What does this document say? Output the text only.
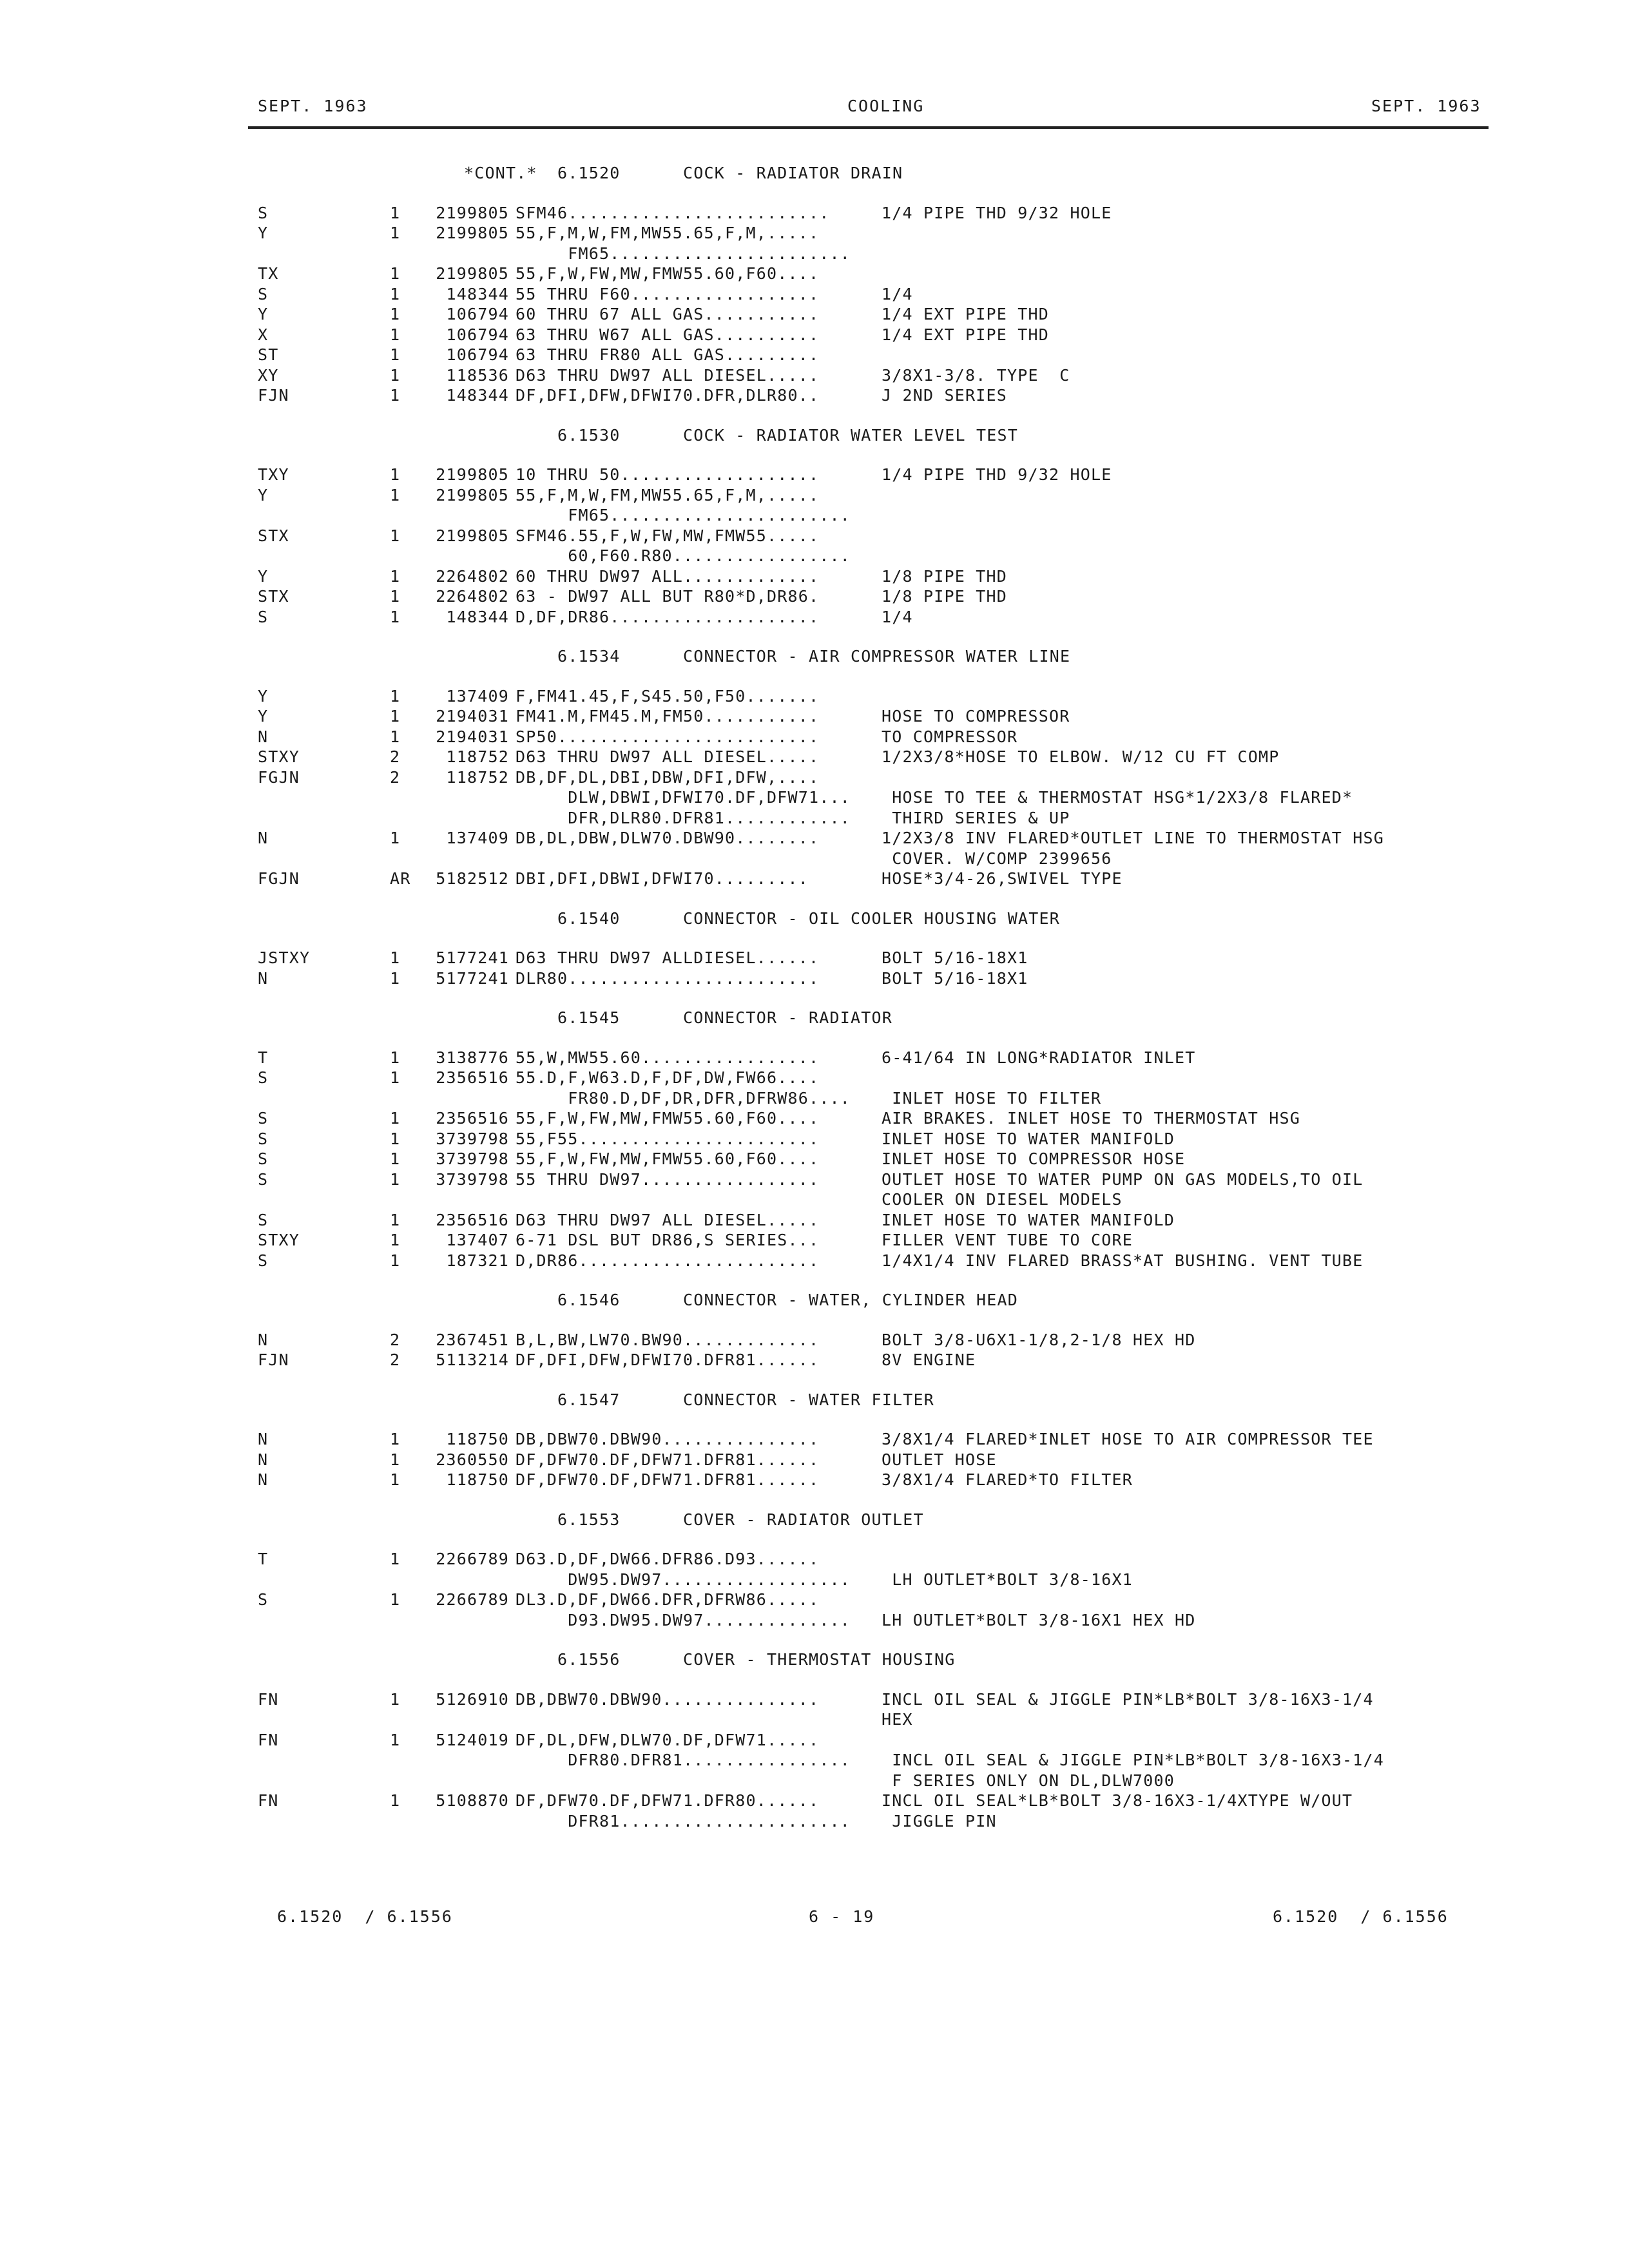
SEPT. 1963	COOLING	SEPT. 1963
*CONT.* 6.1520	COCK - RADIATOR DRAIN
S	1 2199805 SFM46.........................	1/4 PIPE THD 9/32 HOLE
Y	1 2199805 55,F,M,W,FM,MW55.65,F,M,.....
FM65.......................
TX	1 2199805 55,F,W,FW,MW,FMW55.60,F60....
S	1	148344 55 THRU F60..................	1/4
Y	1	106794 60 THRU 67 ALL GAS...........	1/4 EXT PIPE THD
X	1	106794 63 THRU W67 ALL GAS..........	1/4 EXT PIPE THD
ST	1	106794 63 THRU FR80 ALL GAS.........
XY	1	118536 D63 THRU DW97 ALL DIESEL.....	3/8X1-3/8. TYPE  C
FJN	1	148344 DF,DFI,DFW,DFWI70.DFR,DLR80..	J 2ND SERIES
6.1530	COCK - RADIATOR WATER LEVEL TEST
TXY	1 2199805 10 THRU 50...................	1/4 PIPE THD 9/32 HOLE
Y	1 2199805 55,F,M,W,FM,MW55.65,F,M,.....
FM65.......................
STX	1 2199805 SFM46.55,F,W,FW,MW,FMW55.....
60,F60.R80.................
Y	1 2264802 60 THRU DW97 ALL.............	1/8 PIPE THD
STX	1 2264802 63 - DW97 ALL BUT R80*D,DR86.	1/8 PIPE THD
S	1	148344 D,DF,DR86....................	1/4
6.1534	CONNECTOR - AIR COMPRESSOR WATER LINE
Y	1	137409 F,FM41.45,F,S45.50,F50.......
Y	1 2194031 FM41.M,FM45.M,FM50...........	HOSE TO COMPRESSOR
N	1 2194031 SP50.........................	TO COMPRESSOR
STXY	2	118752 D63 THRU DW97 ALL DIESEL.....	1/2X3/8*HOSE TO ELBOW. W/12 CU FT COMP
FGJN	2	118752 DB,DF,DL,DBI,DBW,DFI,DFW,....
DLW,DBWI,DFWI70.DF,DFW71... HOSE TO TEE & THERMOSTAT HSG*1/2X3/8 FLARED*
DFR,DLR80.DFR81............ THIRD SERIES & UP
N	1	137409 DB,DL,DBW,DLW70.DBW90........	1/2X3/8 INV FLARED*OUTLET LINE TO THERMOSTAT HSG
COVER. W/COMP 2399656
FGJN	AR 5182512 DBI,DFI,DBWI,DFWI70.........	HOSE*3/4-26,SWIVEL TYPE
6.1540	CONNECTOR - OIL COOLER HOUSING WATER
JSTXY	1 5177241 D63 THRU DW97 ALLDIESEL......	BOLT 5/16-18X1
N	1 5177241 DLR80........................	BOLT 5/16-18X1
6.1545	CONNECTOR - RADIATOR
T	1 3138776 55,W,MW55.60.................	6-41/64 IN LONG*RADIATOR INLET
S	1 2356516 55.D,F,W63.D,F,DF,DW,FW66....
FR80.D,DF,DR,DFR,DFRW86.... INLET HOSE TO FILTER
S	1 2356516 55,F,W,FW,MW,FMW55.60,F60....	AIR BRAKES. INLET HOSE TO THERMOSTAT HSG
S	1 3739798 55,F55.......................	INLET HOSE TO WATER MANIFOLD
S	1 3739798 55,F,W,FW,MW,FMW55.60,F60....	INLET HOSE TO COMPRESSOR HOSE
S	1 3739798 55 THRU DW97.................	OUTLET HOSE TO WATER PUMP ON GAS MODELS,TO OIL
COOLER ON DIESEL MODELS
S	1 2356516 D63 THRU DW97 ALL DIESEL.....	INLET HOSE TO WATER MANIFOLD
STXY	1	137407 6-71 DSL BUT DR86,S SERIES...	FILLER VENT TUBE TO CORE
S	1	187321 D,DR86.......................	1/4X1/4 INV FLARED BRASS*AT BUSHING. VENT TUBE
6.1546	CONNECTOR - WATER, CYLINDER HEAD
N	2 2367451 B,L,BW,LW70.BW90.............	BOLT 3/8-U6X1-1/8,2-1/8 HEX HD
FJN	2 5113214 DF,DFI,DFW,DFWI70.DFR81......	8V ENGINE
6.1547	CONNECTOR - WATER FILTER
N	1	118750 DB,DBW70.DBW90...............	3/8X1/4 FLARED*INLET HOSE TO AIR COMPRESSOR TEE
N	1 2360550 DF,DFW70.DF,DFW71.DFR81......	OUTLET HOSE
N	1	118750 DF,DFW70.DF,DFW71.DFR81......	3/8X1/4 FLARED*TO FILTER
6.1553	COVER - RADIATOR OUTLET
T	1 2266789 D63.D,DF,DW66.DFR86.D93......
DW95.DW97.................. LH OUTLET*BOLT 3/8-16X1
S	1 2266789 DL3.D,DF,DW66.DFR,DFRW86.....
D93.DW95.DW97.............. LH OUTLET*BOLT 3/8-16X1 HEX HD
6.1556	COVER - THERMOSTAT HOUSING
FN	1 5126910 DB,DBW70.DBW90...............	INCL OIL SEAL & JIGGLE PIN*LB*BOLT 3/8-16X3-1/4
HEX
FN	1 5124019 DF,DL,DFW,DLW70.DF,DFW71.....
DFR80.DFR81................ INCL OIL SEAL & JIGGLE PIN*LB*BOLT 3/8-16X3-1/4
F SERIES ONLY ON DL,DLW7000
FN	1 5108870 DF,DFW70.DF,DFW71.DFR80......	INCL OIL SEAL*LB*BOLT 3/8-16X3-1/4XTYPE W/OUT
DFR81...................... JIGGLE PIN
6.1520  / 6.1556	6 - 19	6.1520  / 6.1556
